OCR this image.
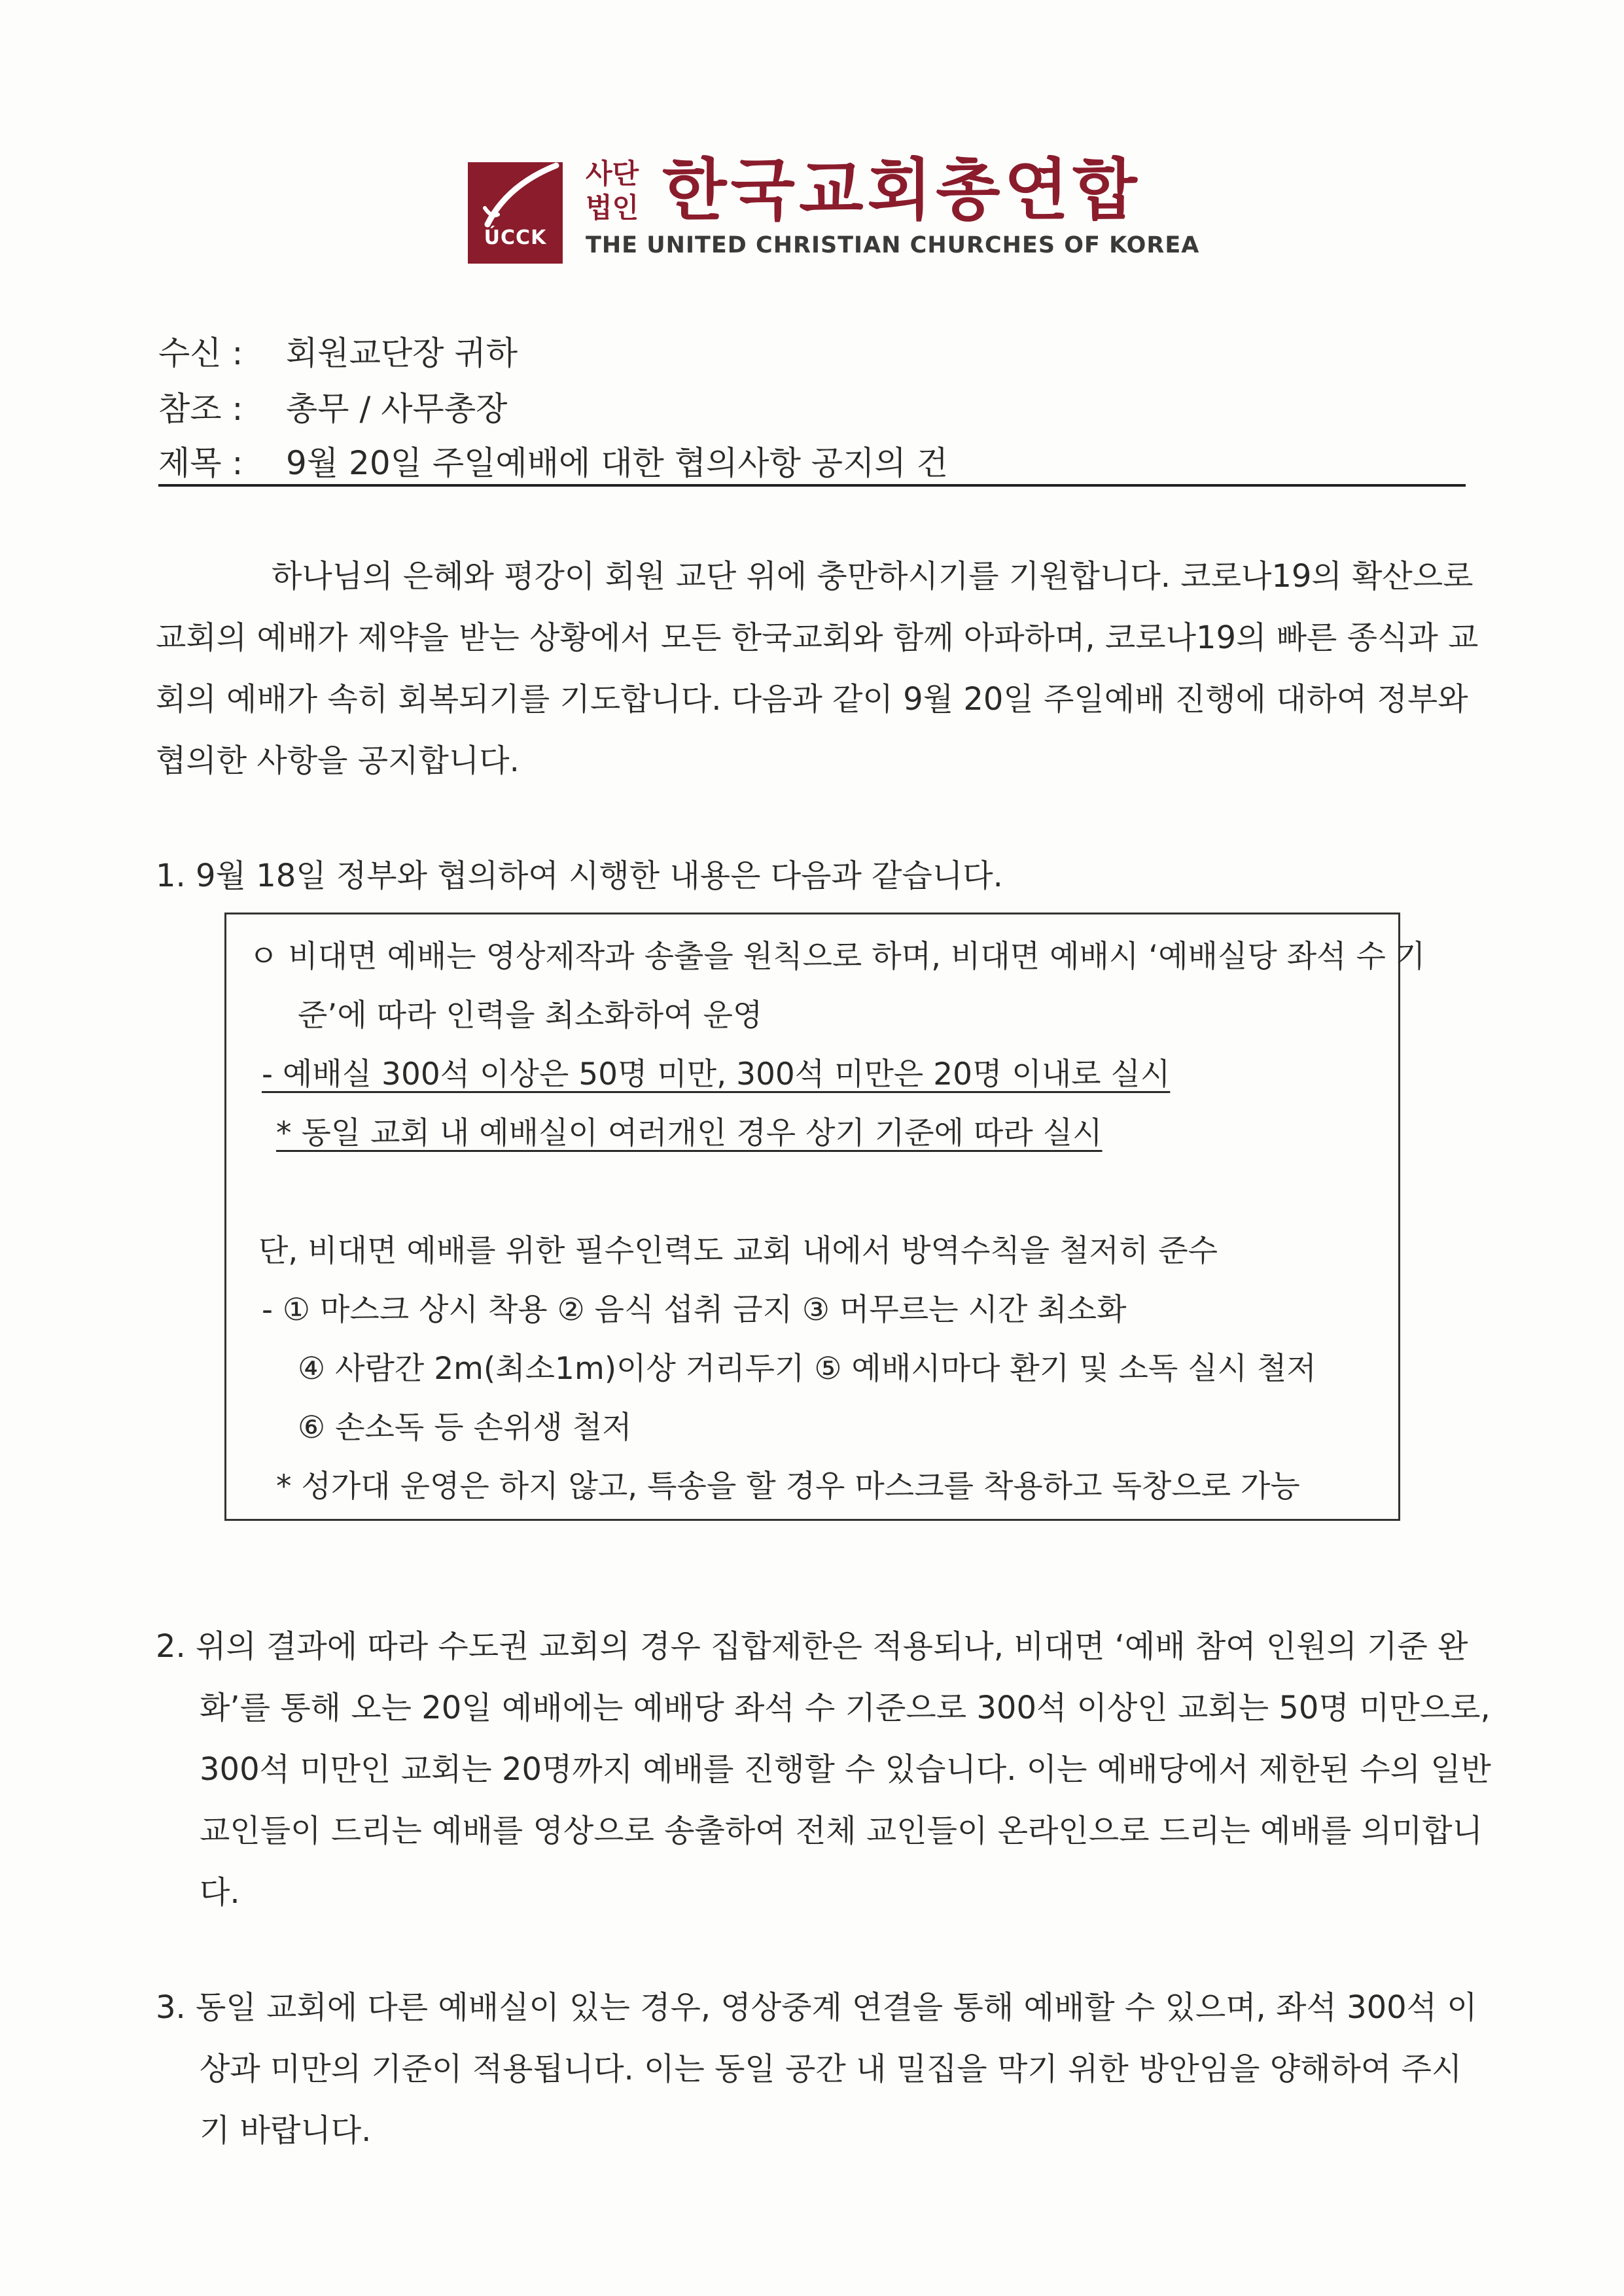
ÚCCK
사단
법인 한국교회총연합
THE UNITED CHRISTIAN CHURCHES OF KOREA
수신 : 회원교단장 귀하
참조 : 총무 / 사무총장
제목 : 9월 20일 주일예배에 대한 협의사항 공지의 건
하나님의 은혜와 평강이 회원 교단 위에 충만하시기를 기원합니다. 코로나19의 확산으로
교회의 예배가 제약을 받는 상황에서 모든 한국교회와 함께 아파하며, 코로나19의 빠른 종식과 교
회의 예배가 속히 회복되기를 기도합니다. 다음과 같이 9월 20일 주일예배 진행에 대하여 정부와
협의한 사항을 공지합니다.
1. 9월 18일 정부와 협의하여 시행한 내용은 다음과 같습니다.
ㅇ 비대면 예배는 영상제작과 송출을 원칙으로 하며, 비대면 예배시 ‘예배실당 좌석 수 기
준’에 따라 인력을 최소화하여 운영
- 예배실 300석 이상은 50명 미만, 300석 미만은 20명 이내로 실시
* 동일 교회 내 예배실이 여러개인 경우 상기 기준에 따라 실시
단, 비대면 예배를 위한 필수인력도 교회 내에서 방역수칙을 철저히 준수
- ① 마스크 상시 착용 ② 음식 섭취 금지 ③ 머무르는 시간 최소화
④ 사람간 2m(최소1m)이상 거리두기 ⑤ 예배시마다 환기 및 소독 실시 철저
⑥ 손소독 등 손위생 철저
* 성가대 운영은 하지 않고, 특송을 할 경우 마스크를 착용하고 독창으로 가능
2. 위의 결과에 따라 수도권 교회의 경우 집합제한은 적용되나, 비대면 ‘예배 참여 인원의 기준 완
화’를 통해 오는 20일 예배에는 예배당 좌석 수 기준으로 300석 이상인 교회는 50명 미만으로,
300석 미만인 교회는 20명까지 예배를 진행할 수 있습니다. 이는 예배당에서 제한된 수의 일반
교인들이 드리는 예배를 영상으로 송출하여 전체 교인들이 온라인으로 드리는 예배를 의미합니
다.
3. 동일 교회에 다른 예배실이 있는 경우, 영상중계 연결을 통해 예배할 수 있으며, 좌석 300석 이
상과 미만의 기준이 적용됩니다. 이는 동일 공간 내 밀집을 막기 위한 방안임을 양해하여 주시
기 바랍니다.
